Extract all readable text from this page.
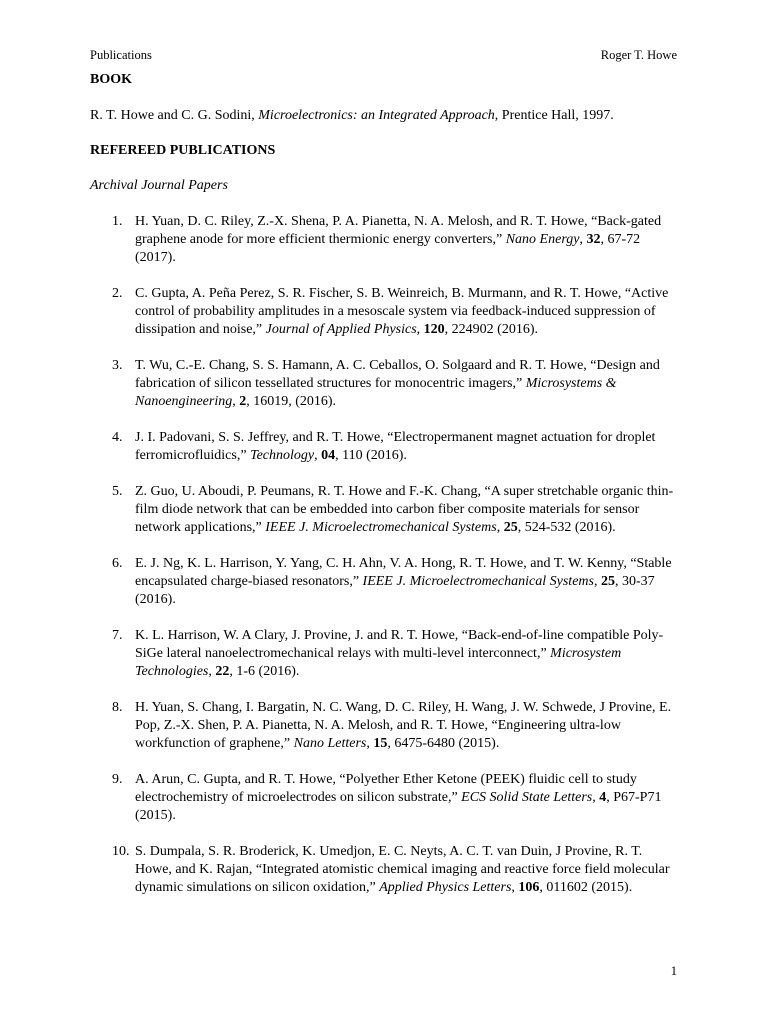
Publications	Roger T. Howe
BOOK
R. T. Howe and C. G. Sodini, Microelectronics: an Integrated Approach, Prentice Hall, 1997.
REFEREED PUBLICATIONS
Archival Journal Papers
1. H. Yuan, D. C. Riley, Z.-X. Shena, P. A. Pianetta, N. A. Melosh, and R. T. Howe, “Back-gated graphene anode for more efficient thermionic energy converters,” Nano Energy, 32, 67-72 (2017).
2. C. Gupta, A. Peña Perez, S. R. Fischer, S. B. Weinreich, B. Murmann, and R. T. Howe, “Active control of probability amplitudes in a mesoscale system via feedback-induced suppression of dissipation and noise,” Journal of Applied Physics, 120, 224902 (2016).
3. T. Wu, C.-E. Chang, S. S. Hamann, A. C. Ceballos, O. Solgaard and R. T. Howe, “Design and fabrication of silicon tessellated structures for monocentric imagers,” Microsystems & Nanoengineering, 2, 16019, (2016).
4. J. I. Padovani, S. S. Jeffrey, and R. T. Howe, “Electropermanent magnet actuation for droplet ferromicrofluidics,” Technology, 04, 110 (2016).
5. Z. Guo, U. Aboudi, P. Peumans, R. T. Howe and F.-K. Chang, “A super stretchable organic thin-film diode network that can be embedded into carbon fiber composite materials for sensor network applications,” IEEE J. Microelectromechanical Systems, 25, 524-532 (2016).
6. E. J. Ng, K. L. Harrison, Y. Yang, C. H. Ahn, V. A. Hong, R. T. Howe, and T. W. Kenny, “Stable encapsulated charge-biased resonators,” IEEE J. Microelectromechanical Systems, 25, 30-37 (2016).
7. K. L. Harrison, W. A Clary, J. Provine, J. and R. T. Howe, “Back-end-of-line compatible Poly-SiGe lateral nanoelectromechanical relays with multi-level interconnect,” Microsystem Technologies, 22, 1-6 (2016).
8. H. Yuan, S. Chang, I. Bargatin, N. C. Wang, D. C. Riley, H. Wang, J. W. Schwede, J Provine, E. Pop, Z.-X. Shen, P. A. Pianetta, N. A. Melosh, and R. T. Howe, “Engineering ultra-low workfunction of graphene,” Nano Letters, 15, 6475-6480 (2015).
9. A. Arun, C. Gupta, and R. T. Howe, “Polyether Ether Ketone (PEEK) fluidic cell to study electrochemistry of microelectrodes on silicon substrate,” ECS Solid State Letters, 4, P67-P71 (2015).
10. S. Dumpala, S. R. Broderick, K. Umedjon, E. C. Neyts, A. C. T. van Duin, J Provine, R. T. Howe, and K. Rajan, “Integrated atomistic chemical imaging and reactive force field molecular dynamic simulations on silicon oxidation,” Applied Physics Letters, 106, 011602 (2015).
1
